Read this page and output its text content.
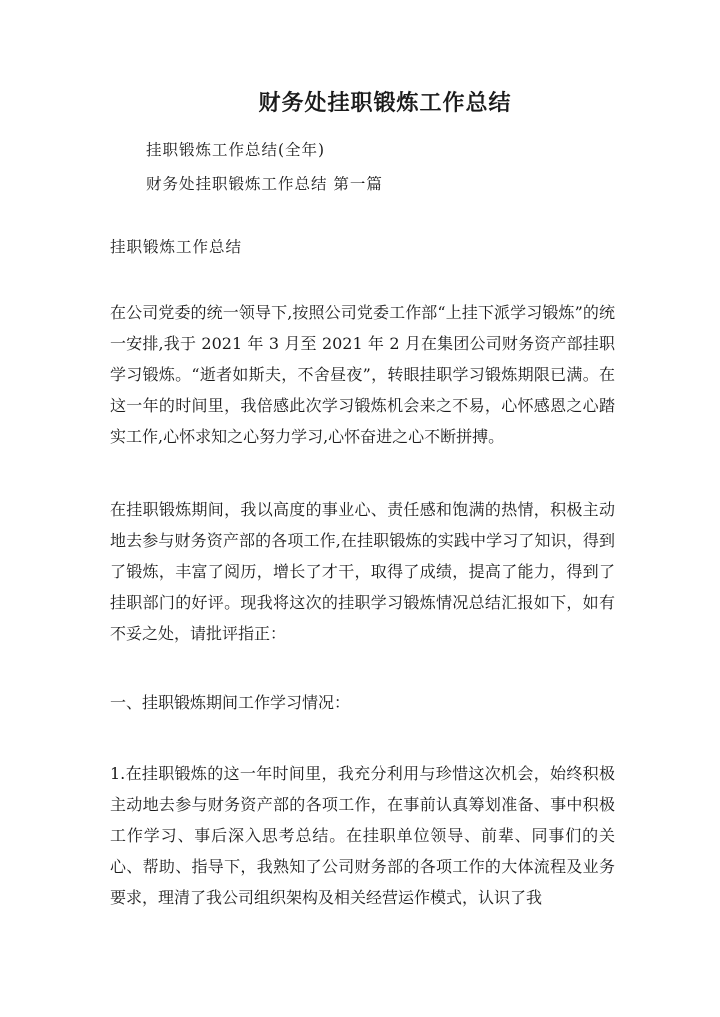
财务处挂职锻炼工作总结
挂职锻炼工作总结(全年)
财务处挂职锻炼工作总结 第一篇
挂职锻炼工作总结

在公司党委的统一领导下,按照公司党委工作部“上挂下派学习锻炼”的统一安排,我于 2021 年 3 月至 2021 年 2 月在集团公司财务资产部挂职学习锻炼。“逝者如斯夫，不舍昼夜”，转眼挂职学习锻炼期限已满。在这一年的时间里，我倍感此次学习锻炼机会来之不易，心怀感恩之心踏实工作,心怀求知之心努力学习,心怀奋进之心不断拼搏。

在挂职锻炼期间，我以高度的事业心、责任感和饱满的热情，积极主动地去参与财务资产部的各项工作,在挂职锻炼的实践中学习了知识，得到了锻炼，丰富了阅历，增长了才干，取得了成绩，提高了能力，得到了挂职部门的好评。现我将这次的挂职学习锻炼情况总结汇报如下，如有不妥之处，请批评指正：

一、挂职锻炼期间工作学习情况：

1.在挂职锻炼的这一年时间里，我充分利用与珍惜这次机会，始终积极主动地去参与财务资产部的各项工作，在事前认真筹划准备、事中积极工作学习、事后深入思考总结。在挂职单位领导、前辈、同事们的关心、帮助、指导下，我熟知了公司财务部的各项工作的大体流程及业务要求，理清了我公司组织架构及相关经营运作模式，认识了我
